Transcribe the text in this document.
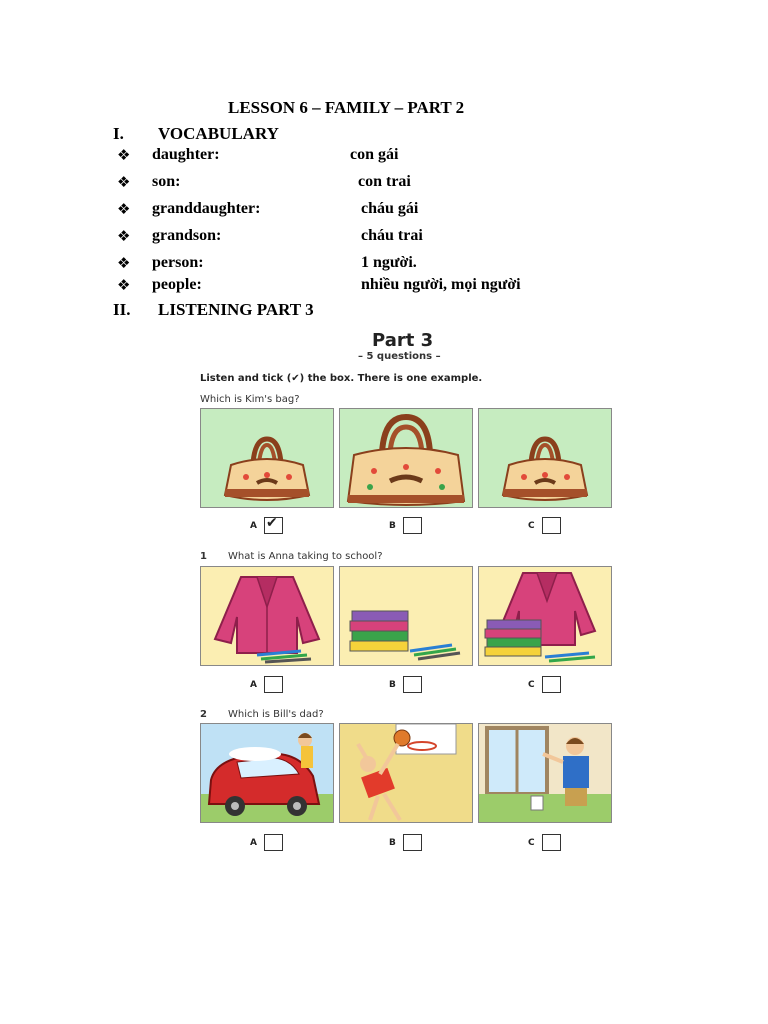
LESSON 6 – FAMILY – PART 2
I. VOCABULARY
❖ daughter:	con gái
❖ son:	con trai
❖ granddaughter:	cháu gái
❖ grandson:	cháu trai
❖ person:	1 người.
❖ people:	nhiều người, mọi người
II. LISTENING PART 3
Part 3
– 5 questions –
Listen and tick (✔) the box. There is one example.
Which is Kim's bag?
A ✔	B	C
1 What is Anna taking to school?
A	B	C
2 Which is Bill's dad?
A	B	C
